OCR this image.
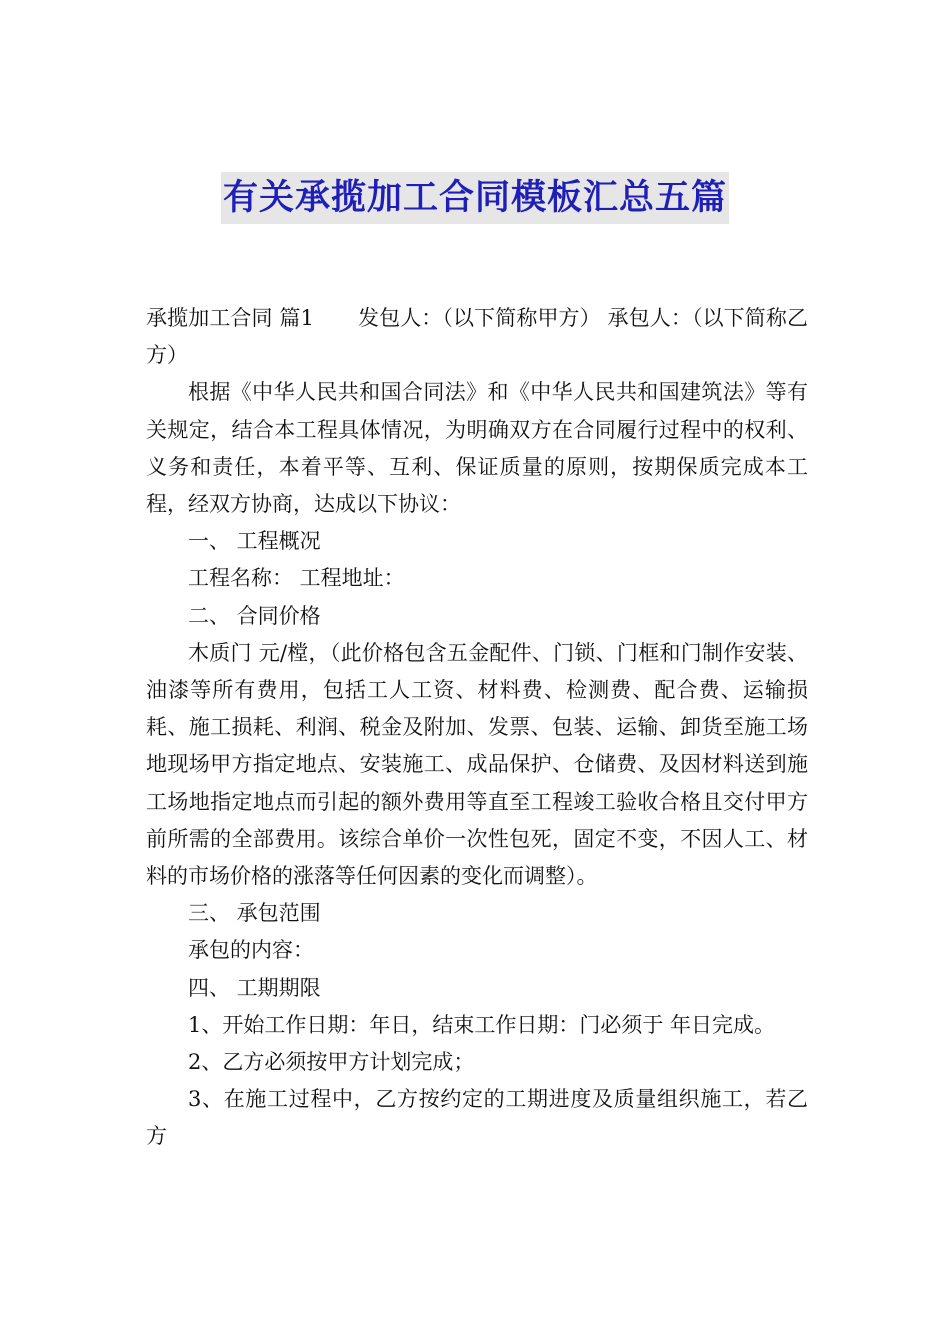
有关承揽加工合同模板汇总五篇

承揽加工合同 篇1 发包人：（以下简称甲方） 承包人：（以下简称乙方）

根据《中华人民共和国合同法》和《中华人民共和国建筑法》等有关规定，结合本工程具体情况，为明确双方在合同履行过程中的权利、义务和责任，本着平等、互利、保证质量的原则，按期保质完成本工程，经双方协商，达成以下协议：

一、 工程概况

工程名称： 工程地址：

二、 合同价格

木质门 元/樘，（此价格包含五金配件、门锁、门框和门制作安装、油漆等所有费用，包括工人工资、材料费、检测费、配合费、运输损耗、施工损耗、利润、税金及附加、发票、包装、运输、卸货至施工场地现场甲方指定地点、安装施工、成品保护、仓储费、及因材料送到施工场地指定地点而引起的额外费用等直至工程竣工验收合格且交付甲方前所需的全部费用。该综合单价一次性包死，固定不变，不因人工、材料的市场价格的涨落等任何因素的变化而调整）。

三、 承包范围

承包的内容：

四、 工期期限

1、开始工作日期：年日，结束工作日期：门必须于 年日完成。

2、乙方必须按甲方计划完成；

3、在施工过程中，乙方按约定的工期进度及质量组织施工，若乙方
